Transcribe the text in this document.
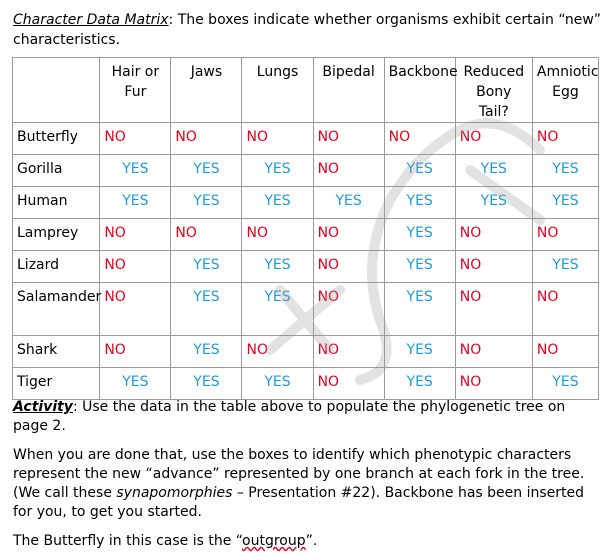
Character Data Matrix: The boxes indicate whether organisms exhibit certain “new” characteristics.
	Hair or Fur	Jaws	Lungs	Bipedal	Backbone	Reduced Bony Tail?	Amniotic Egg
Butterfly	NO	NO	NO	NO	NO	NO	NO
Gorilla	YES	YES	YES	NO	YES	YES	YES
Human	YES	YES	YES	YES	YES	YES	YES
Lamprey	NO	NO	NO	NO	YES	NO	NO
Lizard	NO	YES	YES	NO	YES	NO	YES
Salamander	NO	YES	YES	NO	YES	NO	NO
Shark	NO	YES	NO	NO	YES	NO	NO
Tiger	YES	YES	YES	NO	YES	NO	YES
Activity: Use the data in the table above to populate the phylogenetic tree on page 2.
When you are done that, use the boxes to identify which phenotypic characters represent the new “advance” represented by one branch at each fork in the tree. (We call these synapomorphies – Presentation #22). Backbone has been inserted for you, to get you started.
The Butterfly in this case is the “outgroup”.
